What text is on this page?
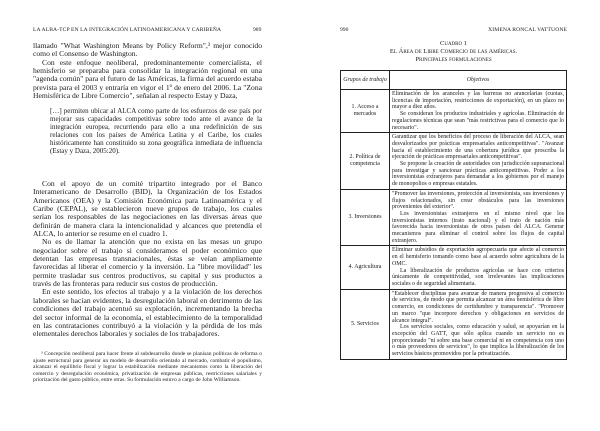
LA ALBA-TCP EN LA INTEGRACIÓN LATINOAMERICANA Y CARIBEÑA	989

llamado "What Washington Means by Policy Reform",³ mejor conocido como el Consenso de Washington.

Con este enfoque neoliberal, predominantemente comercialista, el hemisferio se preparaba para consolidar la integración regional en una "agenda común" para el futuro de las Américas, la firma del acuerdo estaba prevista para el 2003 y entraría en vigor el 1º de enero del 2006. La "Zona Hemisférica de Libre Comercio", señalan al respecto Estay y Daza,

[…] permiten ubicar al ALCA como parte de los esfuerzos de ese país por mejorar sus capacidades competitivas sobre todo ante el avance de la integración europea, recurriendo para ello a una redefinición de sus relaciones con los países de América Latina y el Caribe, los cuales históricamente han constituido su zona geográfica inmediata de influencia (Estay y Daza, 2005:20).

Con el apoyo de un comité tripartito integrado por el Banco Interamericano de Desarrollo (BID), la Organización de los Estados Americanos (OEA) y la Comisión Económica para Latinoamérica y el Caribe (CEPAL), se establecieron nueve grupos de trabajo, los cuales serían los responsables de las negociaciones en las diversas áreas que definirán de manera clara la intencionalidad y alcances que pretendía el ALCA, lo anterior se resume en el cuadro 1.

No es de llamar la atención que no exista en las mesas un grupo negociador sobre el trabajo si consideramos el poder económico que detentan las empresas transnacionales, éstas se veían ampliamente favorecidas al liberar el comercio y la inversión. La "libre movilidad" les permite trasladar sus centros productivos, su capital y sus productos a través de las fronteras para reducir sus costos de producción.

En este sentido, los efectos al trabajo y a la violación de los derechos laborales se hacían evidentes, la desregulación laboral en detrimento de las condiciones del trabajo acentuó su explotación, incrementando la brecha del sector informal de la economía, el establecimiento de la temporalidad en las contrataciones contribuyó a la violación y la pérdida de los más elementales derechos laborales y sociales de los trabajadores.

³ Concepción neoliberal para hacer frente al subdesarrollo donde se planisan políticas de reforma o ajuste estructural para generar un modelo de desarrollo orientado al mercado, combatir el populismo, alcanzar el equilibrio fiscal y lograr la estabilización mediante mecanismos como la liberación del comercio y desregulación económica, privatización de empresas públicas, restricciones salariales y priorización del gasto público, entre otras. Su formulación estuvo a cargo de John Williamson.
990	XIMENA RONCAL VATTUONE
Cuadro 1
El Área de Libre Comercio de las Américas.
Principales formulaciones
Grupos de trabajo	Objetivos
1. Acceso a mercados	Eliminación de los aranceles y las barreras no arancelarias (cuotas, licencias de importación, restricciones de exportación), en un plazo no mayor a diez años.

Se consideran los productos industriales y agrícolas. Eliminación de regulaciones técnicas que sean "más restrictivas para el comercio que lo necesario".

2. Política de competencia	Garantizar que los beneficios del proceso de liberación del ALCA, sean desvalorizados por prácticas empresariales anticompetitivas". "Avanzar hacia el establecimiento de una cobertura jurídica que proscriba la ejecución de prácticas empresariales anticompetitivas".

Se propone la creación de autoridades con jurisdicción supranacional para investigar y sancionar prácticas anticompetitivas. Poder a los inversionistas extranjeros para demandar a los gobiernos por el manejo de monopolios o empresas estatales.

3. Inversiones	"Promover las inversiones, protección al inversionista, sus inversiones y flujos relacionados, sin crear obstáculos para las inversiones provenientes del exterior".

Los inversionistas extranjeros en el mismo nivel que los inversionistas internos (trato nacional) y el trato de nación más favorecida hacia inversionistas de otros países del ALCA. Generar mecanismos para eliminar el control sobre los flujos de capital extranjero.

4. Agricultura	Eliminar subsidios de exportación agropecuaria que afecte al comercio en el hemisferio tomando como base al acuerdo sobre agricultura de la OMC.

La liberalización de productos agrícolas se hace con criterios únicamente de competitividad, son irrelevantes las implicaciones sociales o de seguridad alimentaria.

5. Servicios	"Establecer disciplinas para avanzar de manera progresiva al comercio de servicios, de modo que permita alcanzar un área hemisférica de libre comercio, en condiciones de certidumbre y transparencia". "Promover un marco "que incorpore derechos y obligaciones en servicios de alcance integral".

Los servicios sociales, como educación y salud, se apoyarían en la excepción del GATT, que sólo aplica cuando un servicio no es proporcionado "ni sobre una base comercial ni en competencia con uno o más proveedores de servicios", lo que implica la liberalización de los servicios básicos promovidos por la privatización.
